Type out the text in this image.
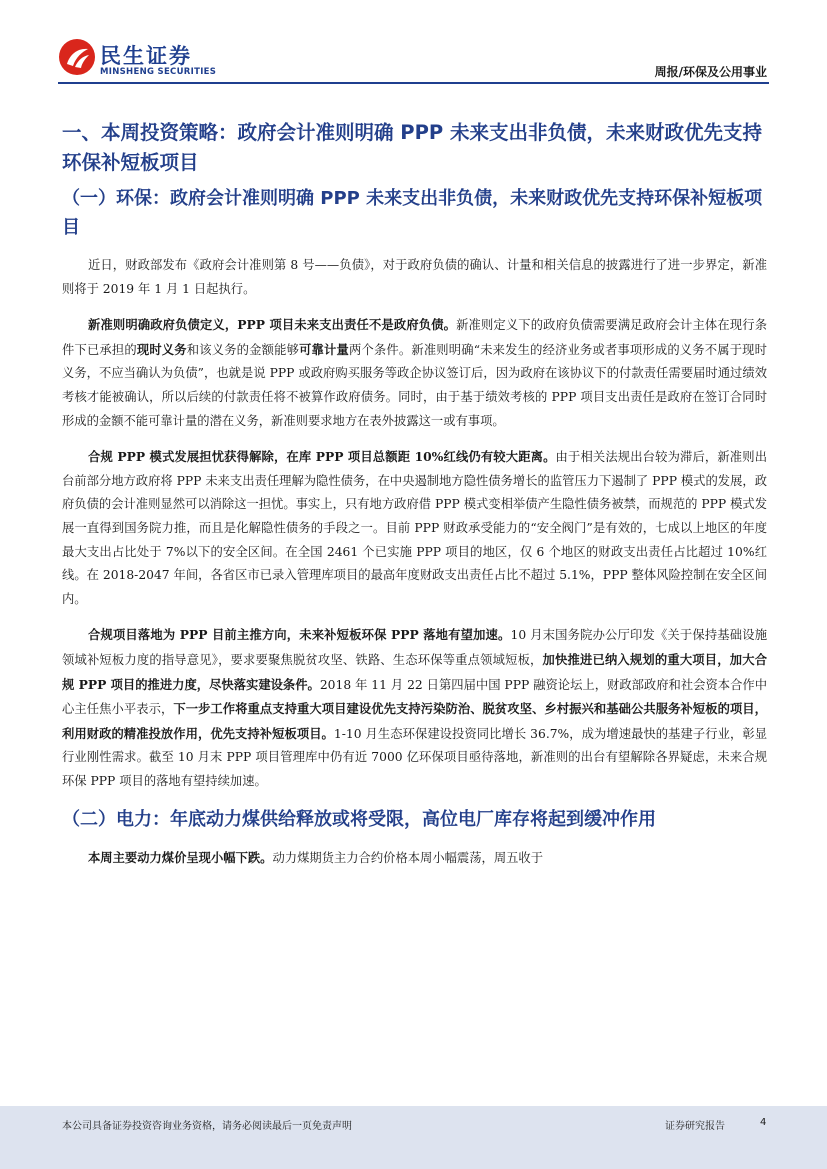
民生证券
MINSHENG SECURITIES	周报/环保及公用事业
一、本周投资策略：政府会计准则明确 PPP 未来支出非负债，未来财政优先支持环保补短板项目
（一）环保：政府会计准则明确 PPP 未来支出非负债，未来财政优先支持环保补短板项目

近日，财政部发布《政府会计准则第 8 号——负债》，对于政府负债的确认、计量和相关信息的披露进行了进一步界定，新准则将于 2019 年 1 月 1 日起执行。

新准则明确政府负债定义，PPP 项目未来支出责任不是政府负债。新准则定义下的政府负债需要满足政府会计主体在现行条件下已承担的现时义务和该义务的金额能够可靠计量两个条件。新准则明确“未来发生的经济业务或者事项形成的义务不属于现时义务，不应当确认为负债”，也就是说 PPP 或政府购买服务等政企协议签订后，因为政府在该协议下的付款责任需要届时通过绩效考核才能被确认，所以后续的付款责任将不被算作政府债务。同时，由于基于绩效考核的 PPP 项目支出责任是政府在签订合同时形成的金额不能可靠计量的潜在义务，新准则要求地方在表外披露这一或有事项。

合规 PPP 模式发展担忧获得解除，在库 PPP 项目总额距 10%红线仍有较大距离。由于相关法规出台较为滞后，新准则出台前部分地方政府将 PPP 未来支出责任理解为隐性债务，在中央遏制地方隐性债务增长的监管压力下遏制了 PPP 模式的发展，政府负债的会计准则显然可以消除这一担忧。事实上，只有地方政府借 PPP 模式变相举债产生隐性债务被禁，而规范的 PPP 模式发展一直得到国务院力推，而且是化解隐性债务的手段之一。目前 PPP 财政承受能力的“安全阀门”是有效的，七成以上地区的年度最大支出占比处于 7%以下的安全区间。在全国 2461 个已实施 PPP 项目的地区，仅 6 个地区的财政支出责任占比超过 10%红线。在 2018-2047 年间，各省区市已录入管理库项目的最高年度财政支出责任占比不超过 5.1%，PPP 整体风险控制在安全区间内。

合规项目落地为 PPP 目前主推方向，未来补短板环保 PPP 落地有望加速。10 月末国务院办公厅印发《关于保持基础设施领域补短板力度的指导意见》，要求要聚焦脱贫攻坚、铁路、生态环保等重点领域短板，加快推进已纳入规划的重大项目，加大合规 PPP 项目的推进力度，尽快落实建设条件。2018 年 11 月 22 日第四届中国 PPP 融资论坛上，财政部政府和社会资本合作中心主任焦小平表示，下一步工作将重点支持重大项目建设优先支持污染防治、脱贫攻坚、乡村振兴和基础公共服务补短板的项目，利用财政的精准投放作用，优先支持补短板项目。1-10 月生态环保建设投资同比增长 36.7%，成为增速最快的基建子行业，彰显行业刚性需求。截至 10 月末 PPP 项目管理库中仍有近 7000 亿环保项目亟待落地，新准则的出台有望解除各界疑虑，未来合规环保 PPP 项目的落地有望持续加速。

（二）电力：年底动力煤供给释放或将受限，高位电厂库存将起到缓冲作用

本周主要动力煤价呈现小幅下跌。动力煤期货主力合约价格本周小幅震荡，周五收于

本公司具备证券投资咨询业务资格，请务必阅读最后一页免责声明	证券研究报告	4
